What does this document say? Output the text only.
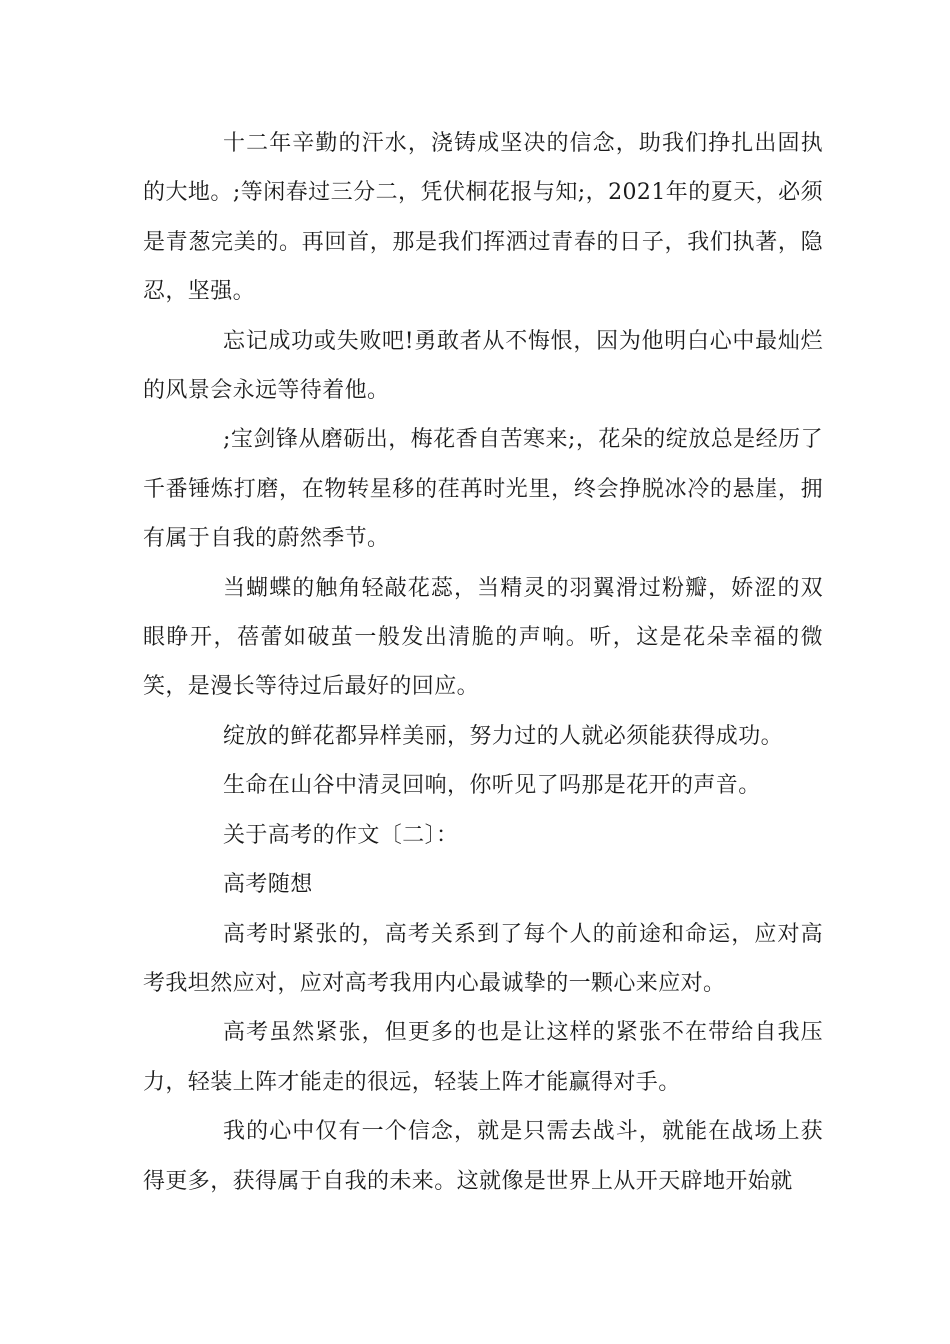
十二年辛勤的汗水，浇铸成坚决的信念，助我们挣扎出固执的大地。;等闲春过三分二，凭伏桐花报与知;，2021年的夏天，必须是青葱完美的。再回首，那是我们挥洒过青春的日子，我们执著，隐忍，坚强。

忘记成功或失败吧!勇敢者从不悔恨，因为他明白心中最灿烂的风景会永远等待着他。

;宝剑锋从磨砺出，梅花香自苦寒来;，花朵的绽放总是经历了千番锤炼打磨，在物转星移的荏苒时光里，终会挣脱冰冷的悬崖，拥有属于自我的蔚然季节。

当蝴蝶的触角轻敲花蕊，当精灵的羽翼滑过粉瓣，娇涩的双眼睁开，蓓蕾如破茧一般发出清脆的声响。听，这是花朵幸福的微笑，是漫长等待过后最好的回应。

绽放的鲜花都异样美丽，努力过的人就必须能获得成功。

生命在山谷中清灵回响，你听见了吗那是花开的声音。

关于高考的作文〔二〕：

高考随想

高考时紧张的，高考关系到了每个人的前途和命运，应对高考我坦然应对，应对高考我用内心最诚挚的一颗心来应对。

高考虽然紧张，但更多的也是让这样的紧张不在带给自我压力，轻装上阵才能走的很远，轻装上阵才能赢得对手。

我的心中仅有一个信念，就是只需去战斗，就能在战场上获得更多，获得属于自我的未来。这就像是世界上从开天辟地开始就
